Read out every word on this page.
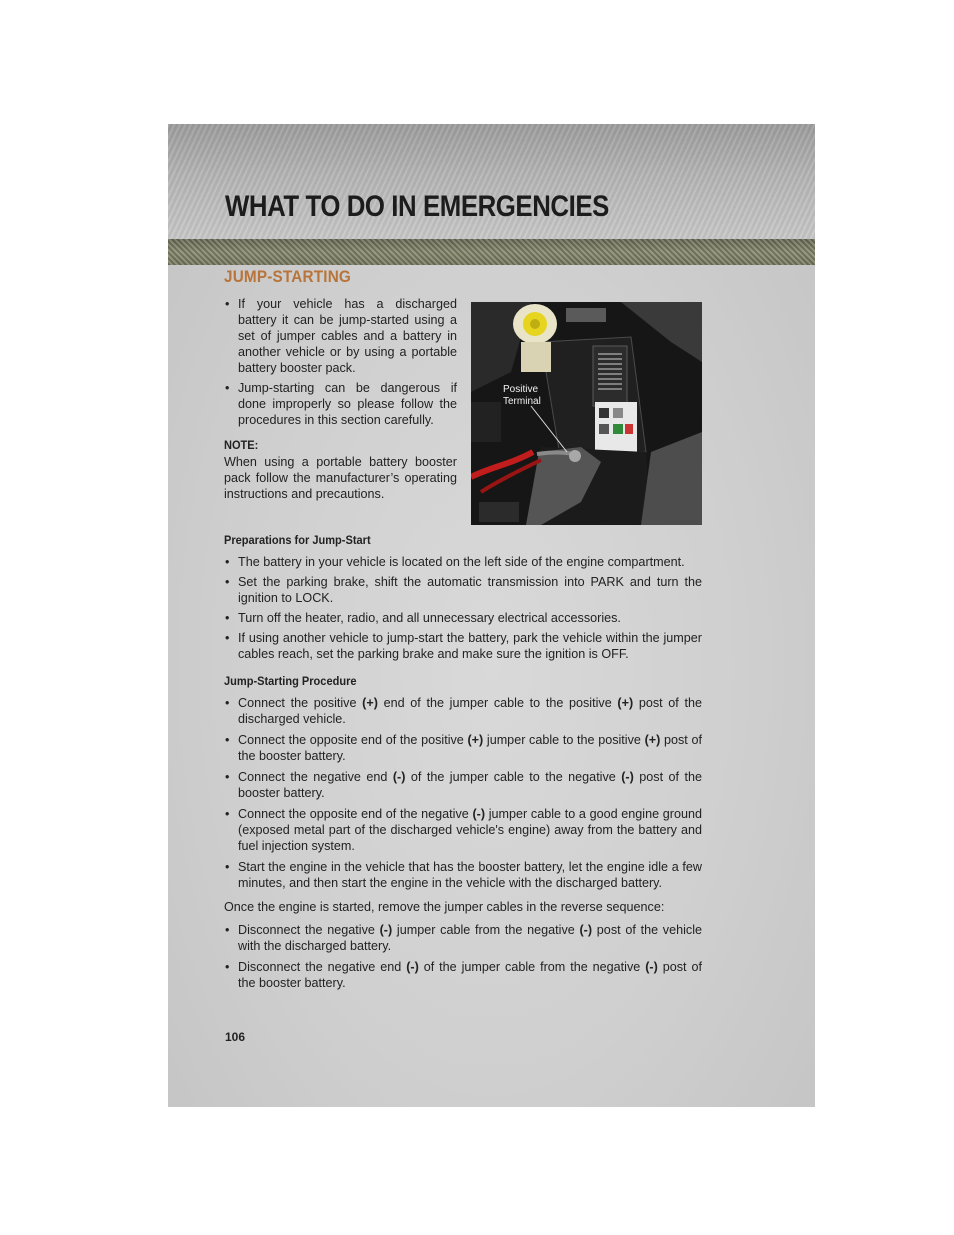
WHAT TO DO IN EMERGENCIES
JUMP-STARTING
• If your vehicle has a discharged battery it can be jump-started using a set of jumper cables and a battery in another vehicle or by using a portable battery booster pack.
• Jump-starting can be dangerous if done improperly so please follow the procedures in this section carefully.
NOTE:
When using a portable battery booster pack follow the manufacturer’s operating instructions and precautions.
Positive
Terminal
Preparations for Jump-Start
• The battery in your vehicle is located on the left side of the engine compartment.
• Set the parking brake, shift the automatic transmission into PARK and turn the ignition to LOCK.
• Turn off the heater, radio, and all unnecessary electrical accessories.
• If using another vehicle to jump-start the battery, park the vehicle within the jumper cables reach, set the parking brake and make sure the ignition is OFF.
Jump-Starting Procedure
• Connect the positive (+) end of the jumper cable to the positive (+) post of the discharged vehicle.
• Connect the opposite end of the positive (+) jumper cable to the positive (+) post of the booster battery.
• Connect the negative end (-) of the jumper cable to the negative (-) post of the booster battery.
• Connect the opposite end of the negative (-) jumper cable to a good engine ground (exposed metal part of the discharged vehicle's engine) away from the battery and fuel injection system.
• Start the engine in the vehicle that has the booster battery, let the engine idle a few minutes, and then start the engine in the vehicle with the discharged battery.
Once the engine is started, remove the jumper cables in the reverse sequence:
• Disconnect the negative (-) jumper cable from the negative (-) post of the vehicle with the discharged battery.
• Disconnect the negative end (-) of the jumper cable from the negative (-) post of the booster battery.
106
